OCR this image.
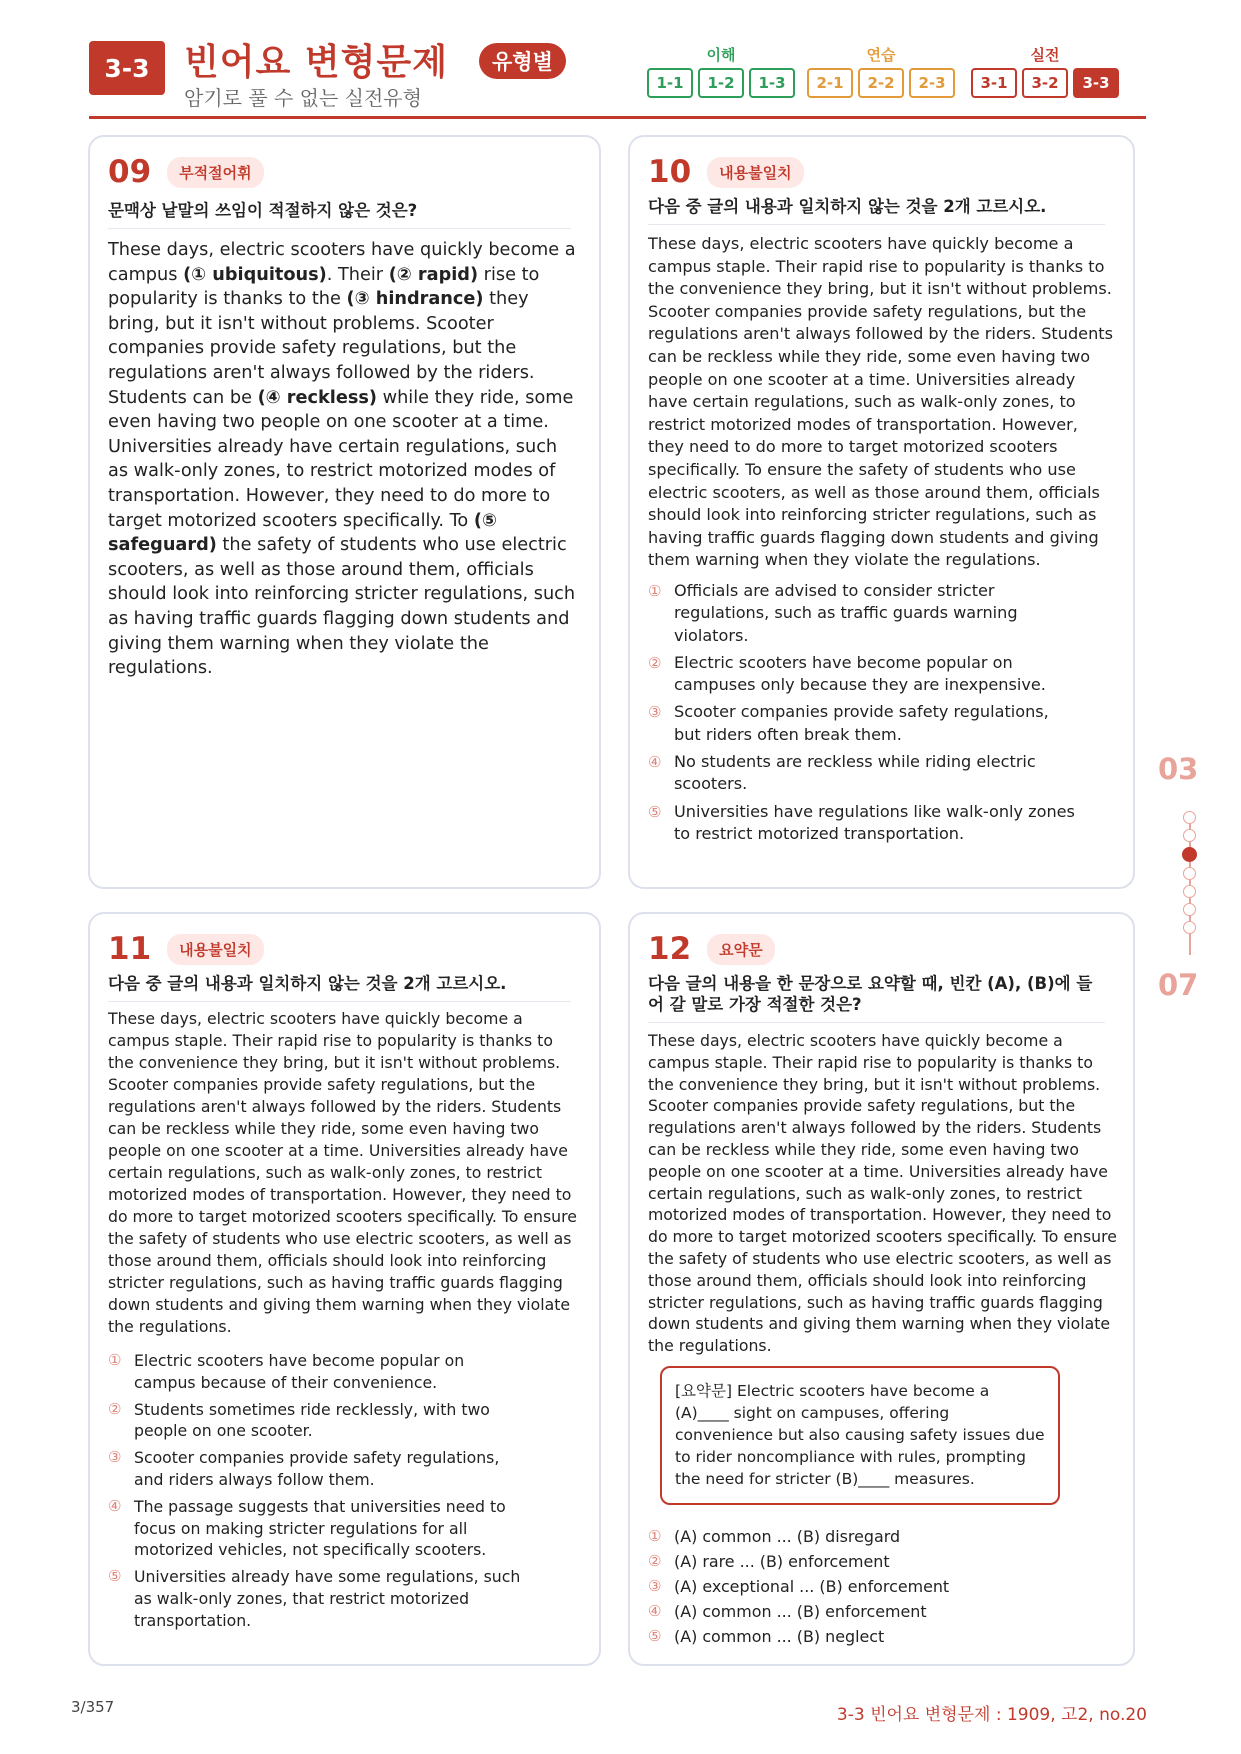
3-3 빈어요 변형문제	유형별
암기로 풀 수 없는 실전유형
이해
1-1	1-2	1-3
연습
2-1	2-2	2-3
실전
3-1	3-2	3-3
09	부적절어휘
문맥상 낱말의 쓰임이 적절하지 않은 것은?
These days, electric scooters have quickly become a campus (① ubiquitous). Their (② rapid) rise to popularity is thanks to the (③ hindrance) they bring, but it isn't without problems. Scooter companies provide safety regulations, but the regulations aren't always followed by the riders. Students can be (④ reckless) while they ride, some even having two people on one scooter at a time. Universities already have certain regulations, such as walk-only zones, to restrict motorized modes of transportation. However, they need to do more to target motorized scooters specifically. To (⑤ safeguard) the safety of students who use electric scooters, as well as those around them, officials should look into reinforcing stricter regulations, such as having traffic guards flagging down students and giving them warning when they violate the regulations.
10	내용불일치
다음 중 글의 내용과 일치하지 않는 것을 2개 고르시오.
These days, electric scooters have quickly become a campus staple. Their rapid rise to popularity is thanks to the convenience they bring, but it isn't without problems. Scooter companies provide safety regulations, but the regulations aren't always followed by the riders. Students can be reckless while they ride, some even having two people on one scooter at a time. Universities already have certain regulations, such as walk-only zones, to restrict motorized modes of transportation. However, they need to do more to target motorized scooters specifically. To ensure the safety of students who use electric scooters, as well as those around them, officials should look into reinforcing stricter regulations, such as having traffic guards flagging down students and giving them warning when they violate the regulations.
① Officials are advised to consider stricter regulations, such as traffic guards warning violators.
② Electric scooters have become popular on campuses only because they are inexpensive.
③ Scooter companies provide safety regulations, but riders often break them.
④ No students are reckless while riding electric scooters.
⑤ Universities have regulations like walk-only zones to restrict motorized transportation.
11	내용불일치
다음 중 글의 내용과 일치하지 않는 것을 2개 고르시오.
These days, electric scooters have quickly become a campus staple. Their rapid rise to popularity is thanks to the convenience they bring, but it isn't without problems. Scooter companies provide safety regulations, but the regulations aren't always followed by the riders. Students can be reckless while they ride, some even having two people on one scooter at a time. Universities already have certain regulations, such as walk-only zones, to restrict motorized modes of transportation. However, they need to do more to target motorized scooters specifically. To ensure the safety of students who use electric scooters, as well as those around them, officials should look into reinforcing stricter regulations, such as having traffic guards flagging down students and giving them warning when they violate the regulations.
① Electric scooters have become popular on campus because of their convenience.
② Students sometimes ride recklessly, with two people on one scooter.
③ Scooter companies provide safety regulations, and riders always follow them.
④ The passage suggests that universities need to focus on making stricter regulations for all motorized vehicles, not specifically scooters.
⑤ Universities already have some regulations, such as walk-only zones, that restrict motorized transportation.
12	요약문
다음 글의 내용을 한 문장으로 요약할 때, 빈칸 (A), (B)에 들어 갈 말로 가장 적절한 것은?
These days, electric scooters have quickly become a campus staple. Their rapid rise to popularity is thanks to the convenience they bring, but it isn't without problems. Scooter companies provide safety regulations, but the regulations aren't always followed by the riders. Students can be reckless while they ride, some even having two people on one scooter at a time. Universities already have certain regulations, such as walk-only zones, to restrict motorized modes of transportation. However, they need to do more to target motorized scooters specifically. To ensure the safety of students who use electric scooters, as well as those around them, officials should look into reinforcing stricter regulations, such as having traffic guards flagging down students and giving them warning when they violate the regulations.
[요약문] Electric scooters have become a (A)____ sight on campuses, offering convenience but also causing safety issues due to rider noncompliance with rules, prompting the need for stricter (B)____ measures.
① (A) common ... (B) disregard
② (A) rare ... (B) enforcement
③ (A) exceptional ... (B) enforcement
④ (A) common ... (B) enforcement
⑤ (A) common ... (B) neglect
03
07
3/357	3-3 빈어요 변형문제 : 1909, 고2, no.20
